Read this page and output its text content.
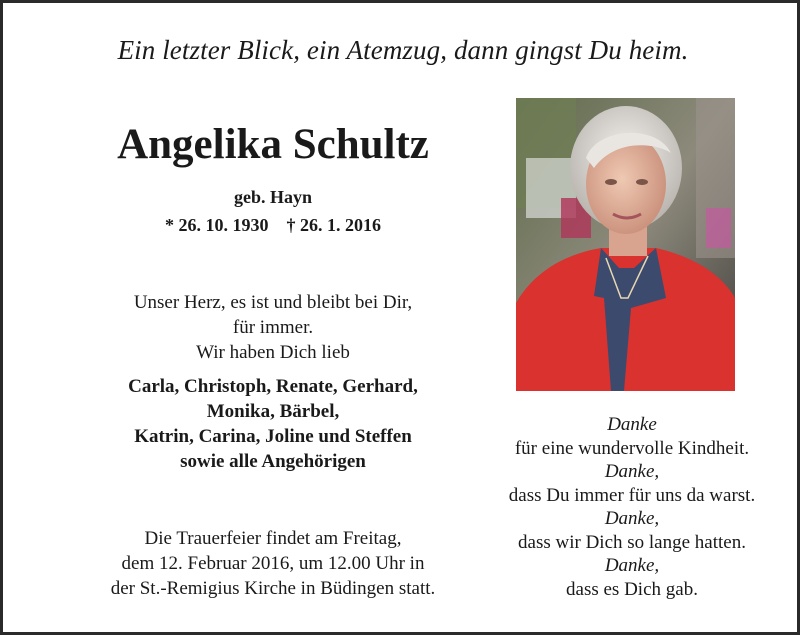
Ein letzter Blick, ein Atemzug, dann gingst Du heim.
Angelika Schultz
geb. Hayn
* 26. 10. 1930 † 26. 1. 2016
Unser Herz, es ist und bleibt bei Dir,
für immer.
Wir haben Dich lieb
Carla, Christoph, Renate, Gerhard,
Monika, Bärbel,
Katrin, Carina, Joline und Steffen
sowie alle Angehörigen
Die Trauerfeier findet am Freitag,
dem 12. Februar 2016, um 12.00 Uhr in
der St.-Remigius Kirche in Büdingen statt.
Danke
für eine wundervolle Kindheit.
Danke,
dass Du immer für uns da warst.
Danke,
dass wir Dich so lange hatten.
Danke,
dass es Dich gab.
